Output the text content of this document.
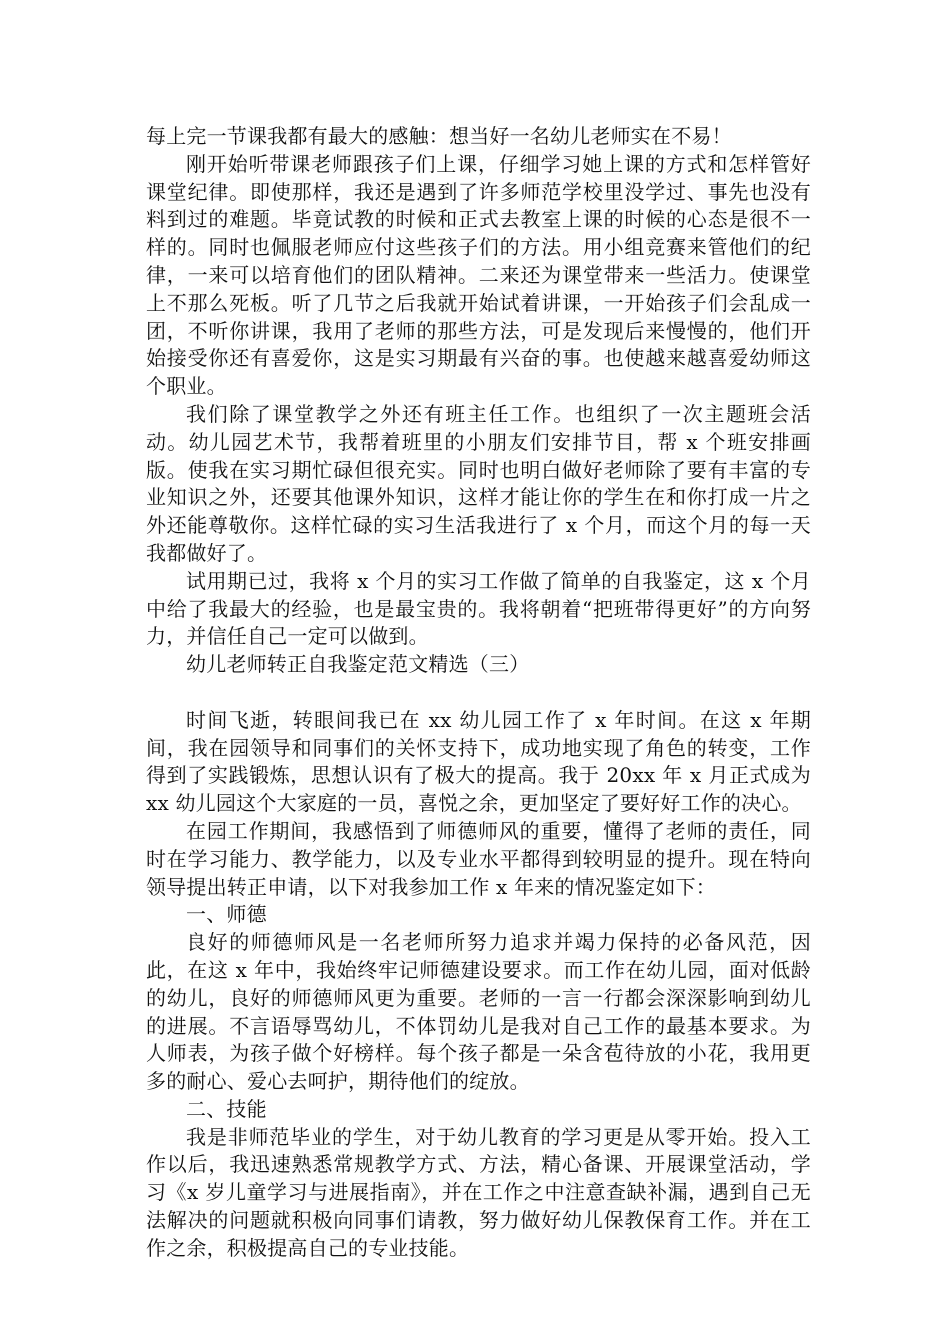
每上完一节课我都有最大的感触：想当好一名幼儿老师实在不易！

刚开始听带课老师跟孩子们上课，仔细学习她上课的方式和怎样管好课堂纪律。即使那样，我还是遇到了许多师范学校里没学过、事先也没有料到过的难题。毕竟试教的时候和正式去教室上课的时候的心态是很不一样的。同时也佩服老师应付这些孩子们的方法。用小组竞赛来管他们的纪律，一来可以培育他们的团队精神。二来还为课堂带来一些活力。使课堂上不那么死板。听了几节之后我就开始试着讲课，一开始孩子们会乱成一团，不听你讲课，我用了老师的那些方法，可是发现后来慢慢的，他们开始接受你还有喜爱你，这是实习期最有兴奋的事。也使越来越喜爱幼师这个职业。

我们除了课堂教学之外还有班主任工作。也组织了一次主题班会活动。幼儿园艺术节，我帮着班里的小朋友们安排节目，帮 x 个班安排画版。使我在实习期忙碌但很充实。同时也明白做好老师除了要有丰富的专业知识之外，还要其他课外知识，这样才能让你的学生在和你打成一片之外还能尊敬你。这样忙碌的实习生活我进行了 x 个月，而这个月的每一天我都做好了。

试用期已过，我将 x 个月的实习工作做了简单的自我鉴定，这 x 个月中给了我最大的经验，也是最宝贵的。我将朝着“把班带得更好”的方向努力，并信任自己一定可以做到。

幼儿老师转正自我鉴定范文精选（三）

时间飞逝，转眼间我已在 xx 幼儿园工作了 x 年时间。在这 x 年期间，我在园领导和同事们的关怀支持下，成功地实现了角色的转变，工作得到了实践锻炼，思想认识有了极大的提高。我于 20xx 年 x 月正式成为 xx 幼儿园这个大家庭的一员，喜悦之余，更加坚定了要好好工作的决心。

在园工作期间，我感悟到了师德师风的重要，懂得了老师的责任，同时在学习能力、教学能力，以及专业水平都得到较明显的提升。现在特向领导提出转正申请，以下对我参加工作 x 年来的情况鉴定如下：

一、师德

良好的师德师风是一名老师所努力追求并竭力保持的必备风范，因此，在这 x 年中，我始终牢记师德建设要求。而工作在幼儿园，面对低龄的幼儿，良好的师德师风更为重要。老师的一言一行都会深深影响到幼儿的进展。不言语辱骂幼儿，不体罚幼儿是我对自己工作的最基本要求。为人师表，为孩子做个好榜样。每个孩子都是一朵含苞待放的小花，我用更多的耐心、爱心去呵护，期待他们的绽放。

二、技能

我是非师范毕业的学生，对于幼儿教育的学习更是从零开始。投入工作以后，我迅速熟悉常规教学方式、方法，精心备课、开展课堂活动，学习《x 岁儿童学习与进展指南》，并在工作之中注意查缺补漏，遇到自己无法解决的问题就积极向同事们请教，努力做好幼儿保教保育工作。并在工作之余，积极提高自己的专业技能。
